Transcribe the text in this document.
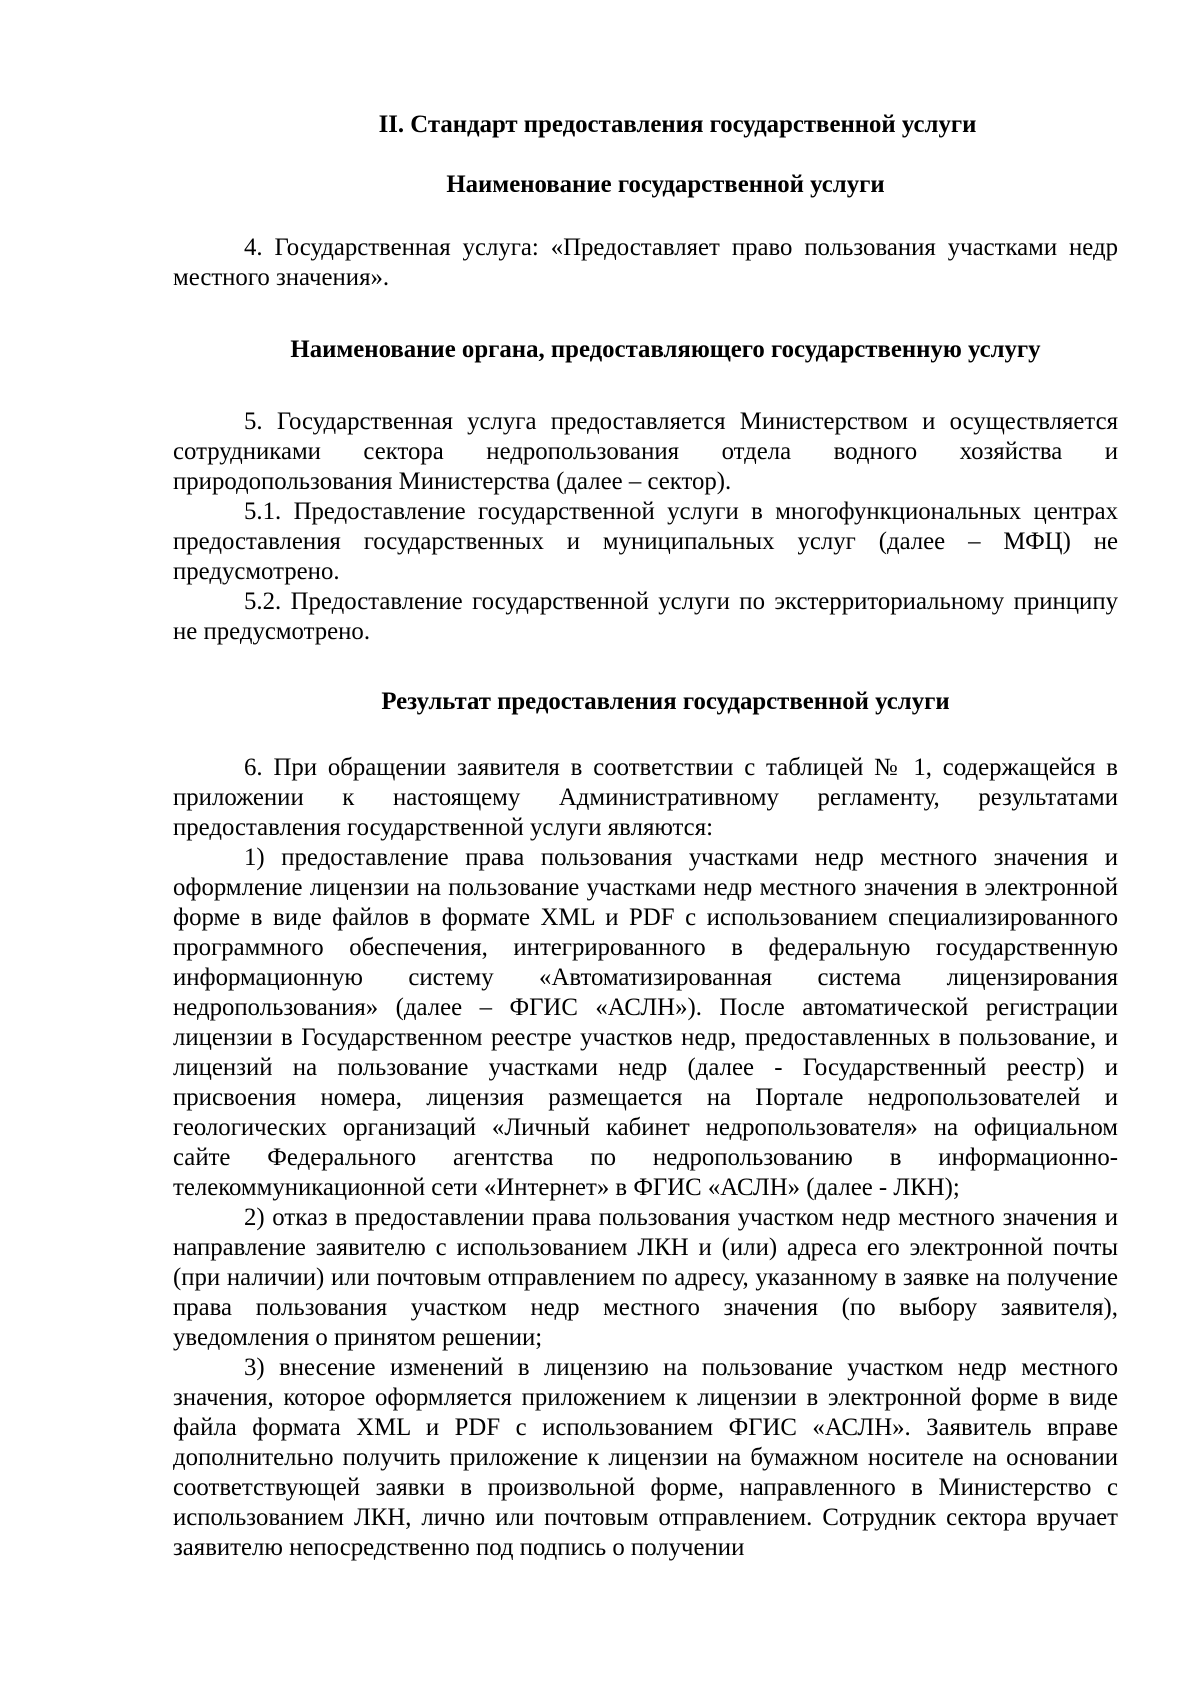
II. Стандарт предоставления государственной услуги

Наименование государственной услуги

4. Государственная услуга: «Предоставляет право пользования участками недр местного значения».

Наименование органа, предоставляющего государственную услугу

5. Государственная услуга предоставляется Министерством и осуществляется сотрудниками сектора недропользования отдела водного хозяйства и природопользования Министерства (далее – сектор).

5.1. Предоставление государственной услуги в многофункциональных центрах предоставления государственных и муниципальных услуг (далее – МФЦ) не предусмотрено.

5.2. Предоставление государственной услуги по экстерриториальному принципу не предусмотрено.

Результат предоставления государственной услуги

6. При обращении заявителя в соответствии с таблицей № 1, содержащейся в приложении к настоящему Административному регламенту, результатами предоставления государственной услуги являются:

1) предоставление права пользования участками недр местного значения и оформление лицензии на пользование участками недр местного значения в электронной форме в виде файлов в формате XML и PDF с использованием специализированного программного обеспечения, интегрированного в федеральную государственную информационную систему «Автоматизированная система лицензирования недропользования» (далее – ФГИС «АСЛН»). После автоматической регистрации лицензии в Государственном реестре участков недр, предоставленных в пользование, и лицензий на пользование участками недр (далее - Государственный реестр) и присвоения номера, лицензия размещается на Портале недропользователей и геологических организаций «Личный кабинет недропользователя» на официальном сайте Федерального агентства по недропользованию в информационно-телекоммуникационной сети «Интернет» в ФГИС «АСЛН» (далее - ЛКН);

2) отказ в предоставлении права пользования участком недр местного значения и направление заявителю с использованием ЛКН и (или) адреса его электронной почты (при наличии) или почтовым отправлением по адресу, указанному в заявке на получение права пользования участком недр местного значения (по выбору заявителя), уведомления о принятом решении;

3) внесение изменений в лицензию на пользование участком недр местного значения, которое оформляется приложением к лицензии в электронной форме в виде файла формата XML и PDF с использованием ФГИС «АСЛН». Заявитель вправе дополнительно получить приложение к лицензии на бумажном носителе на основании соответствующей заявки в произвольной форме, направленного в Министерство с использованием ЛКН, лично или почтовым отправлением. Сотрудник сектора вручает заявителю непосредственно под подпись о получении
